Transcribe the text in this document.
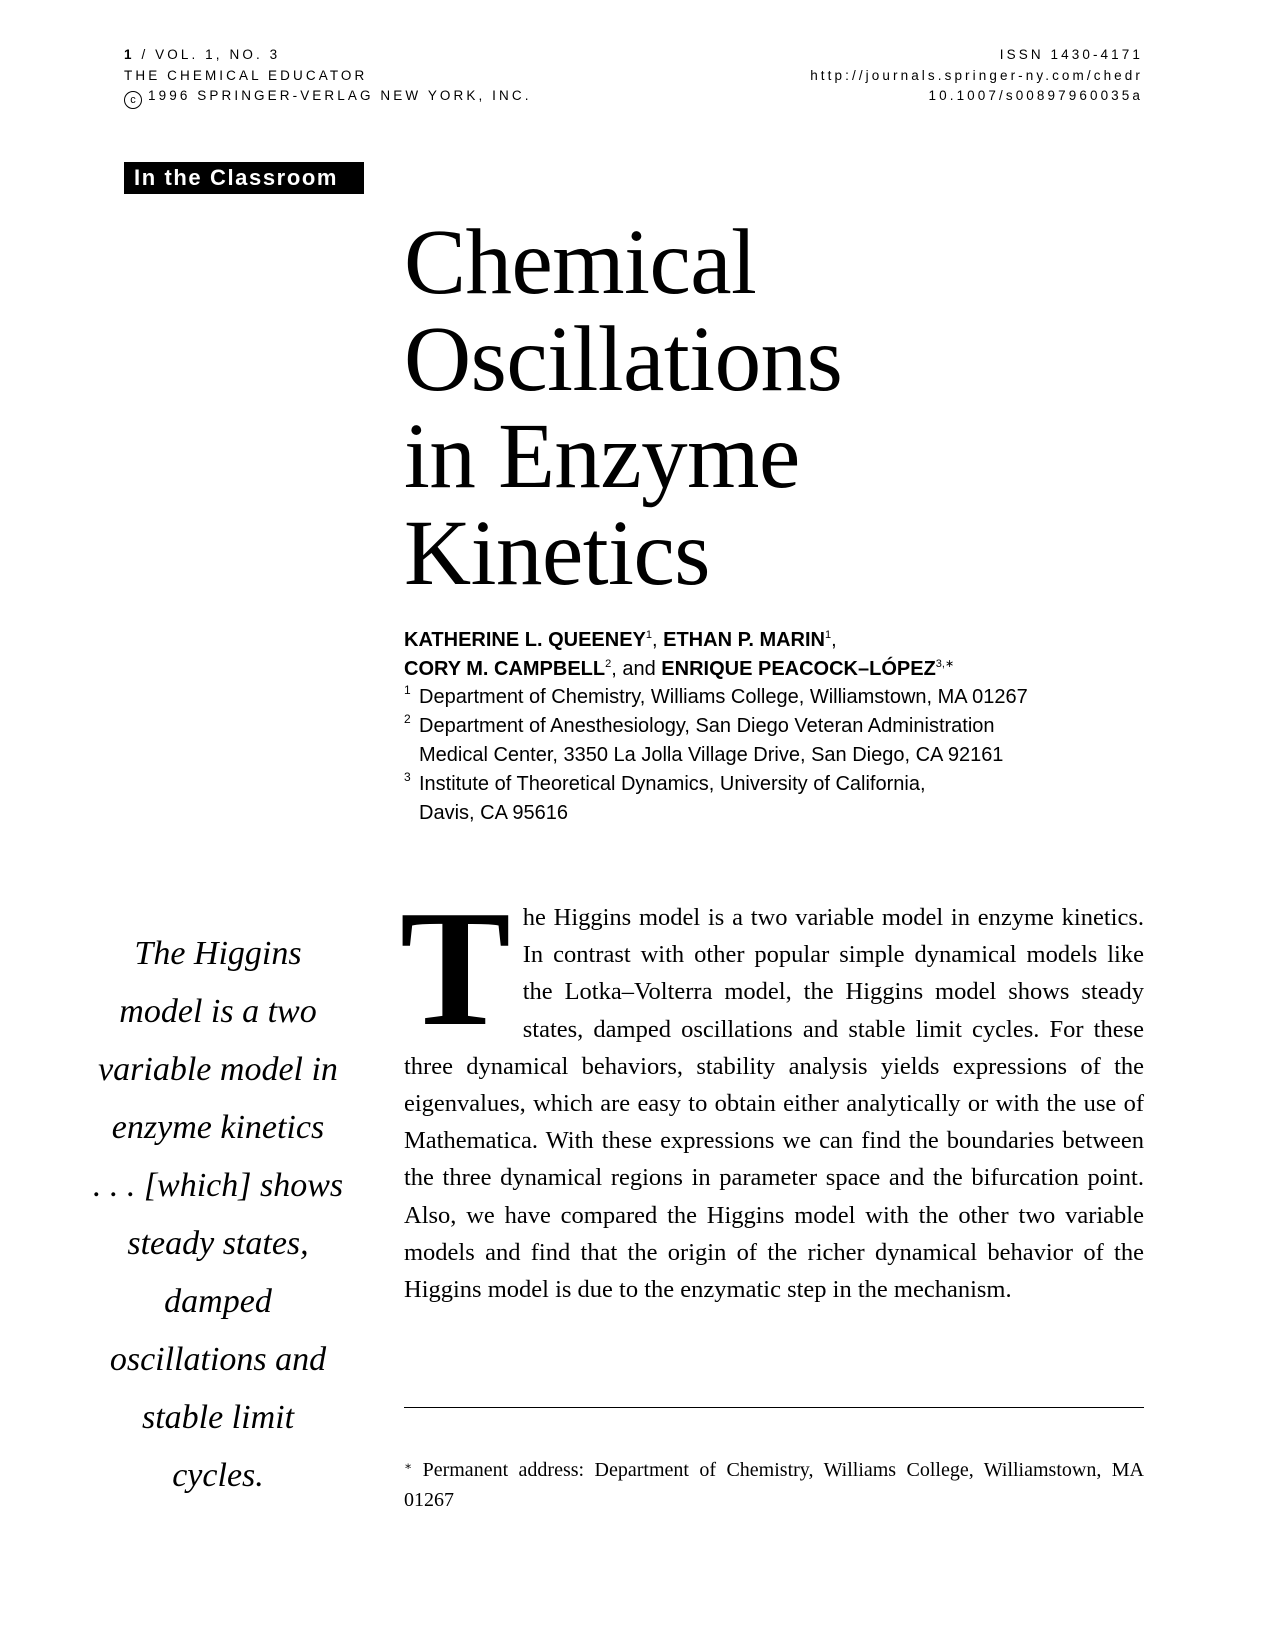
1 / VOL. 1, NO. 3
THE CHEMICAL EDUCATOR
c 1996 SPRINGER-VERLAG NEW YORK, INC.
ISSN 1430-4171
http://journals.springer-ny.com/chedr
10.1007/s00897960035a
In the Classroom
Chemical
Oscillations
in Enzyme
Kinetics
KATHERINE L. QUEENEY$^1$, ETHAN P. MARIN$^1$,
CORY M. CAMPBELL$^2$, and ENRIQUE PEACOCK–$LÓPEZ^{3,∗}$
1 Department of Chemistry, Williams College, Williamstown, MA 01267
2 Department of Anesthesiology, San Diego Veteran Administration
Medical Center, 3350 La Jolla Village Drive, San Diego, CA 92161
3 Institute of Theoretical Dynamics, University of California,
Davis, CA 95616
The Higgins
model is a two
variable model in
enzyme kinetics
. . . [which] shows
steady states,
damped
oscillations and
stable limit
cycles.
The Higgins model is a two variable model in enzyme kinetics. In contrast with other popular simple dynamical models like the Lotka–Volterra model, the Higgins model shows steady states, damped oscillations and stable limit cycles. For these three dynamical behaviors, stability analysis yields expressions of the eigenvalues, which are easy to obtain either analytically or with the use of Mathematica. With these expressions we can find the boundaries between the three dynamical regions in parameter space and the bifurcation point. Also, we have compared the Higgins model with the other two variable models and find that the origin of the richer dynamical behavior of the Higgins model is due to the enzymatic step in the mechanism.
∗ Permanent address: Department of Chemistry, Williams College, Williamstown, MA 01267
